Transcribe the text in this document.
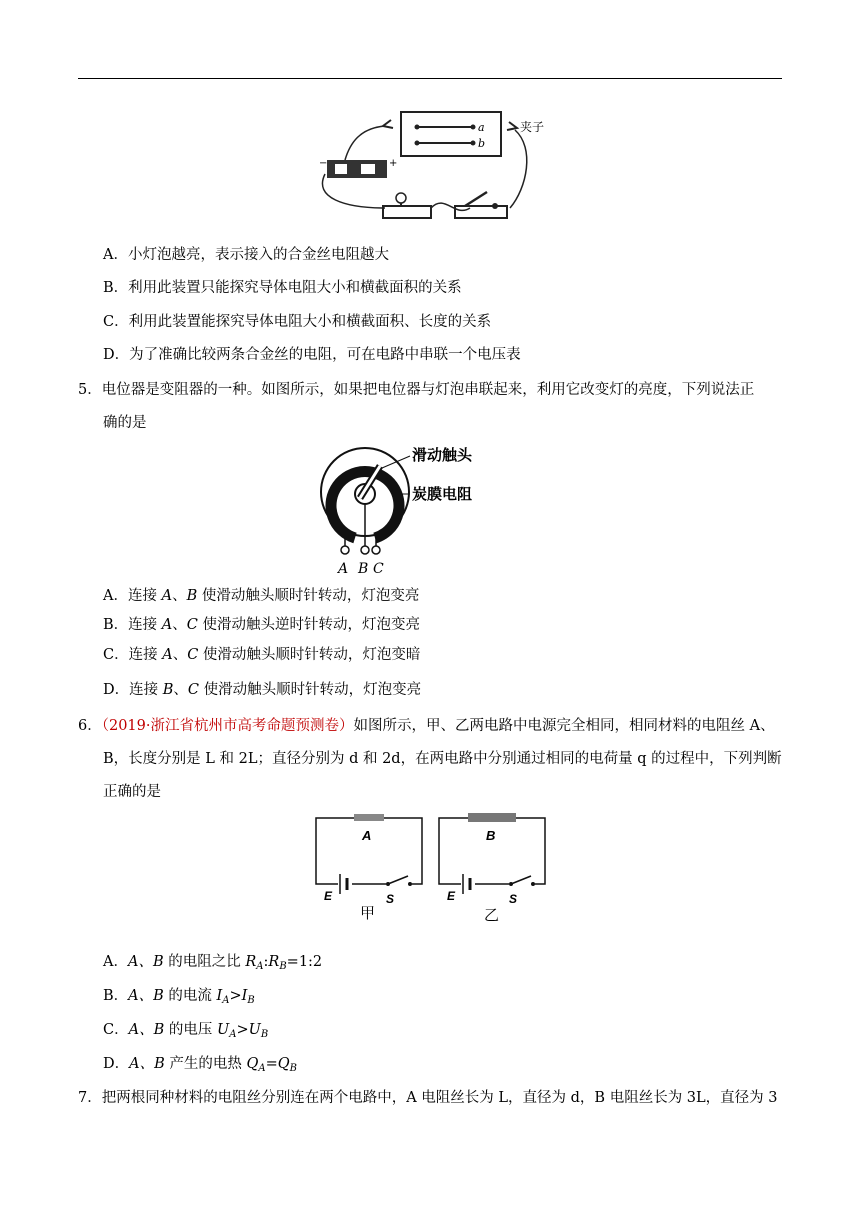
a
b
夹子
−	+
A．小灯泡越亮，表示接入的合金丝电阻越大
B．利用此装置只能探究导体电阻大小和横截面积的关系
C．利用此装置能探究导体电阻大小和横截面积、长度的关系
D．为了准确比较两条合金丝的电阻，可在电路中串联一个电压表
5．电位器是变阻器的一种。如图所示，如果把电位器与灯泡串联起来，利用它改变灯的亮度，下列说法正
确的是
A B C
滑动触头
炭膜电阻
A．连接 A、B 使滑动触头顺时针转动，灯泡变亮
B．连接 A、C 使滑动触头逆时针转动，灯泡变亮
C．连接 A、C 使滑动触头顺时针转动，灯泡变暗
D．连接 B、C 使滑动触头顺时针转动，灯泡变亮
6．（2019·浙江省杭州市高考命题预测卷）如图所示，甲、乙两电路中电源完全相同，相同材料的电阻丝 A、
B，长度分别是 L 和 2L；直径分别为 d 和 2d，在两电路中分别通过相同的电荷量 q 的过程中，下列判断
正确的是
A
E	S
甲
B
E	S
乙
A．A、B 的电阻之比 $R_A:R_B=1:2$
B．A、B 的电流 $I_A>I_B$
C．A、B 的电压 $U_A>U_B$
D．A、B 产生的电热 $Q_A=Q_B$
7．把两根同种材料的电阻丝分别连在两个电路中，A 电阻丝长为 L，直径为 d，B 电阻丝长为 3L，直径为 3
